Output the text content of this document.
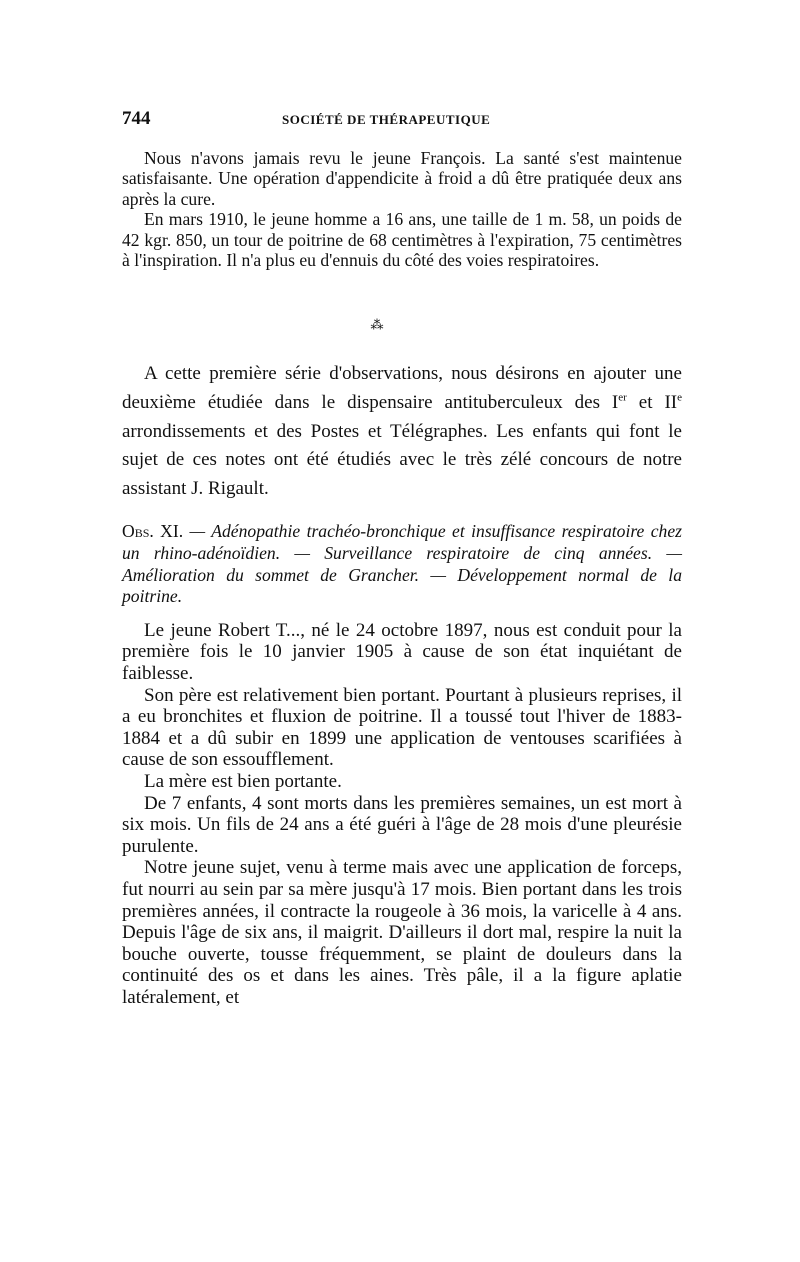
744	SOCIÉTÉ DE THÉRAPEUTIQUE

Nous n'avons jamais revu le jeune François. La santé s'est maintenue satisfaisante. Une opération d'appendicite à froid a dû être pratiquée deux ans après la cure.

En mars 1910, le jeune homme a 16 ans, une taille de 1 m. 58, un poids de 42 kgr. 850, un tour de poitrine de 68 centimètres à l'expiration, 75 centimètres à l'inspiration. Il n'a plus eu d'ennuis du côté des voies respiratoires.

⁂

A cette première série d'observations, nous désirons en ajouter une deuxième étudiée dans le dispensaire antituberculeux des Ier et IIe arrondissements et des Postes et Télégraphes. Les enfants qui font le sujet de ces notes ont été étudiés avec le très zélé concours de notre assistant J. Rigault.

Obs. XI. — Adénopathie trachéo-bronchique et insuffisance respiratoire chez un rhino-adénoïdien. — Surveillance respiratoire de cinq années. — Amélioration du sommet de Grancher. — Développement normal de la poitrine.

Le jeune Robert T..., né le 24 octobre 1897, nous est conduit pour la première fois le 10 janvier 1905 à cause de son état inquiétant de faiblesse.

Son père est relativement bien portant. Pourtant à plusieurs reprises, il a eu bronchites et fluxion de poitrine. Il a toussé tout l'hiver de 1883-1884 et a dû subir en 1899 une application de ventouses scarifiées à cause de son essoufflement.

La mère est bien portante.

De 7 enfants, 4 sont morts dans les premières semaines, un est mort à six mois. Un fils de 24 ans a été guéri à l'âge de 28 mois d'une pleurésie purulente.

Notre jeune sujet, venu à terme mais avec une application de forceps, fut nourri au sein par sa mère jusqu'à 17 mois. Bien portant dans les trois premières années, il contracte la rougeole à 36 mois, la varicelle à 4 ans. Depuis l'âge de six ans, il maigrit. D'ailleurs il dort mal, respire la nuit la bouche ouverte, tousse fréquemment, se plaint de douleurs dans la continuité des os et dans les aines. Très pâle, il a la figure aplatie latéralement, et
